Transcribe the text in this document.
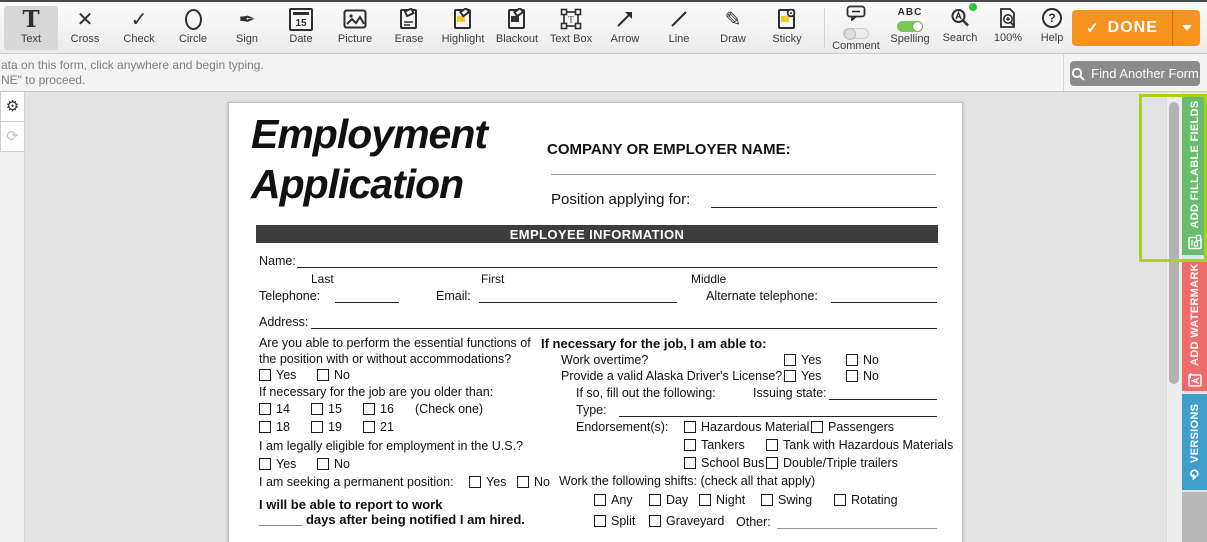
T
Text
✕
Cross
✓
Check Circle
✒
Sign
15
Date Picture Erase Highlight Blackout
T
Text Box Arrow	Line
✎
Draw Sticky
Comment
ABC
Spelling Search 100%
?
Help
✓ DONE
ata on this form, click anywhere and begin typing.
NE" to proceed.	Find Another Form
⚙
⟳	Employment
Application
COMPANY OR EMPLOYER NAME:
Position applying for:
EMPLOYEE INFORMATION
Name:
Last	First	Middle
Telephone:	Email:	Alternate telephone:
Address:
Are you able to perform the essential functions of
the position with or without accommodations?
Yes	No
If necessary for the job are you older than:
14	15	16 (Check one)
18	19	21
I am legally eligible for employment in the U.S.?
Yes	No
I am seeking a permanent position:	Yes No
I will be able to report to work
______ days after being notified I am hired.
If necessary for the job, I am able to:
Work overtime?	Yes	No
Provide a valid Alaska Driver's License? Yes	No
If so, fill out the following:	Issuing state:
Type:
Endorsement(s):	Hazardous Material Passengers
Tankers	Tank with Hazardous Materials
School Bus Double/Triple trailers
Work the following shifts: (check all that apply)
Any	Day Night	Swing	Rotating
Split Graveyard Other:
ADD FILLABLE FIELDS
ADD WATERMARK
⟲
VERSIONS
